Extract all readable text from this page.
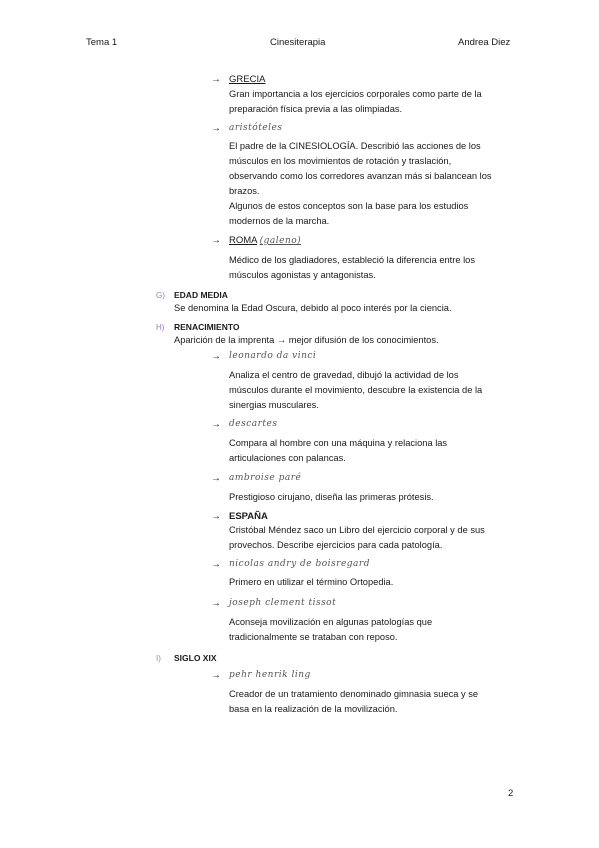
Tema 1	Cinesiterapia	Andrea Diez
→ GRECIA

Gran importancia a los ejercicios corporales como parte de la

preparación física previa a las olimpiadas.

→ aristóteles

El padre de la CINESIOLOGÍA. Describió las acciones de los

músculos en los movimientos de rotación y traslación,

observando como los corredores avanzan más si balancean los

brazos.

Algunos de estos conceptos son la base para los estudios

modernos de la marcha.

→ ROMA (galeno)

Médico de los gladiadores, estableció la diferencia entre los

músculos agonistas y antagonistas.

G) EDAD MEDIA
Se denomina la Edad Oscura, debido al poco interés por la ciencia.
H) RENACIMIENTO
Aparición de la imprenta → mejor difusión de los conocimientos.
→ leonardo da vinci

Analiza el centro de gravedad, dibujó la actividad de los

músculos durante el movimiento, descubre la existencia de la

sinergias musculares.

→ descartes

Compara al hombre con una máquina y relaciona las

articulaciones con palancas.

→ ambroise paré

Prestigioso cirujano, diseña las primeras prótesis.

→ ESPAÑA

Cristóbal Méndez saco un Libro del ejercicio corporal y de sus

provechos. Describe ejercicios para cada patología.

→ nicolas andry de boisregard

Primero en utilizar el término Ortopedia.

→ joseph clement tissot

Aconseja movilización en algunas patologías que

tradicionalmente se trataban con reposo.

I) SIGLO XIX
→ pehr henrik ling

Creador de un tratamiento denominado gimnasia sueca y se

basa en la realización de la movilización.

2
